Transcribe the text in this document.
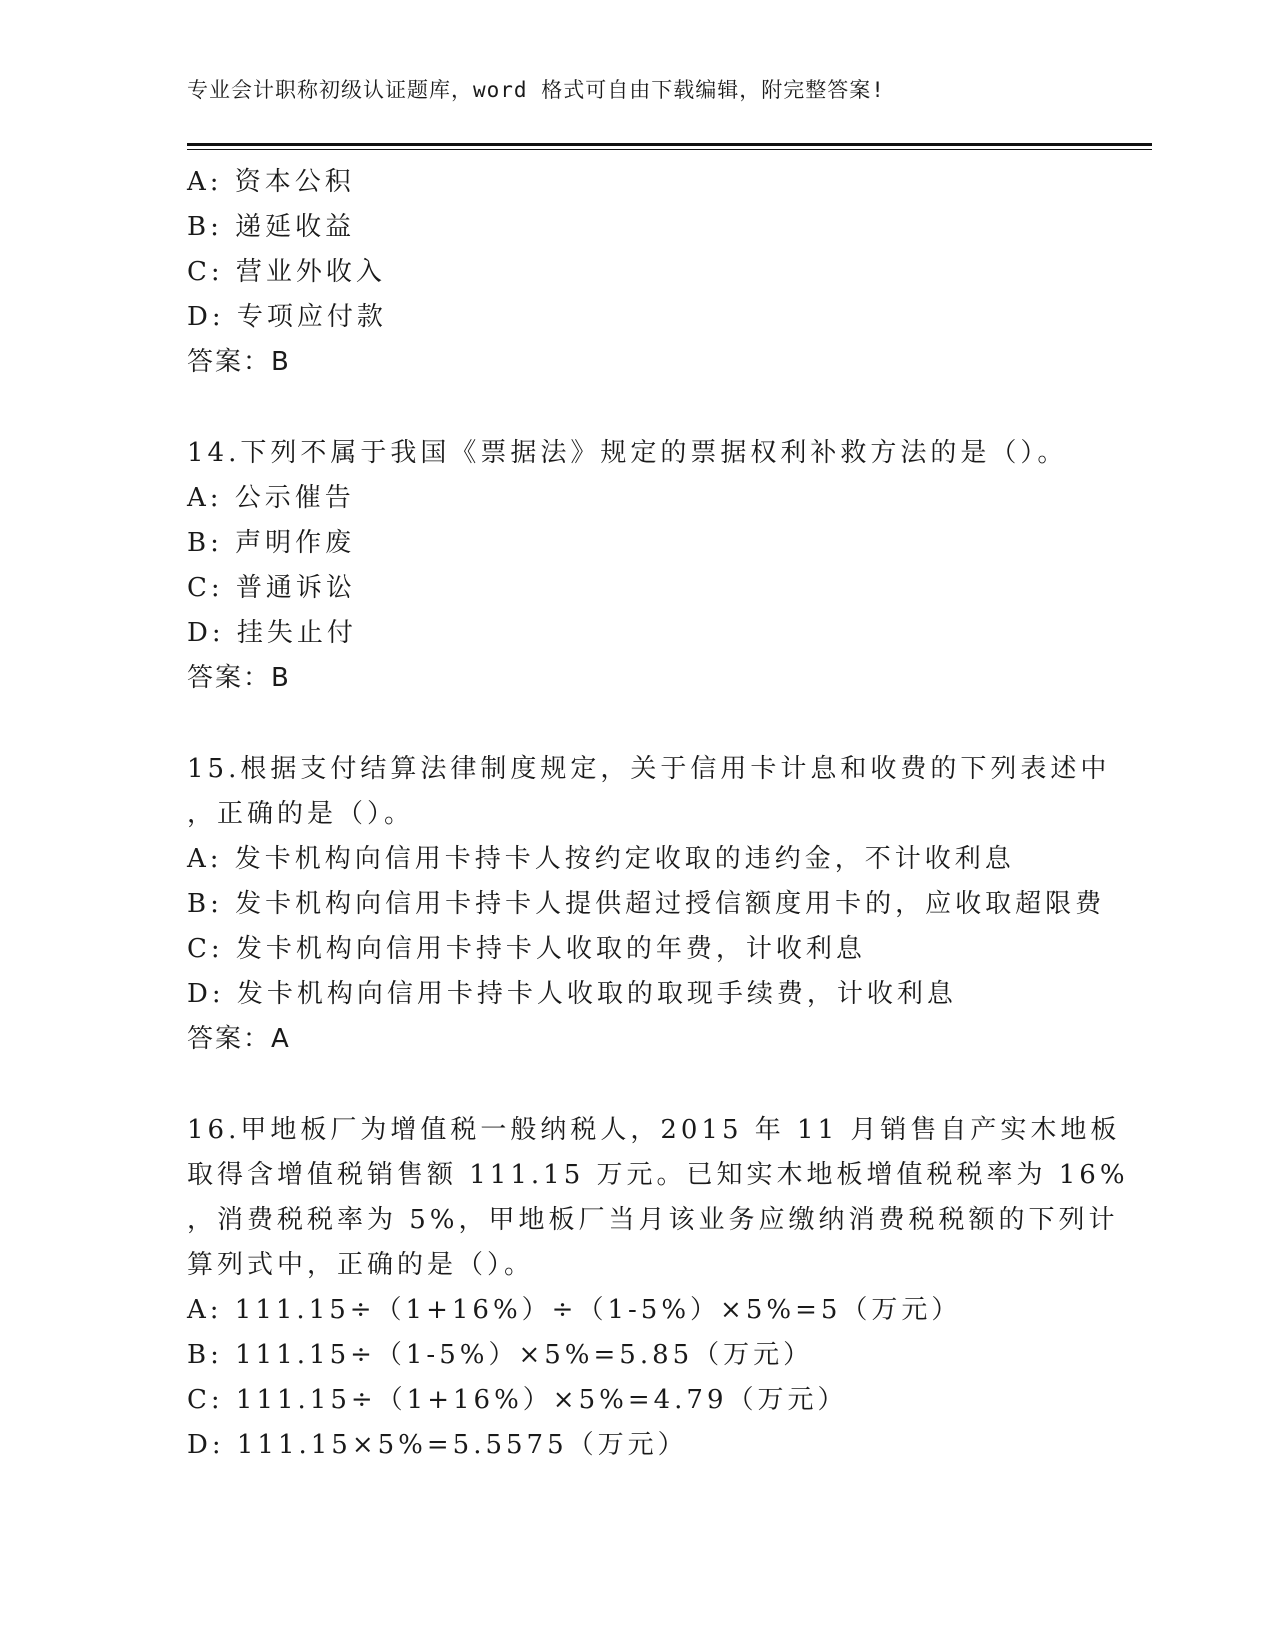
专业会计职称初级认证题库，word 格式可自由下载编辑，附完整答案!
A: 资本公积
B: 递延收益
C: 营业外收入
D: 专项应付款
答案：B
14.下列不属于我国《票据法》规定的票据权利补救方法的是（）。
A: 公示催告
B: 声明作废
C: 普通诉讼
D: 挂失止付
答案：B
15.根据支付结算法律制度规定，关于信用卡计息和收费的下列表述中
，正确的是（）。
A: 发卡机构向信用卡持卡人按约定收取的违约金，不计收利息
B: 发卡机构向信用卡持卡人提供超过授信额度用卡的，应收取超限费
C: 发卡机构向信用卡持卡人收取的年费，计收利息
D: 发卡机构向信用卡持卡人收取的取现手续费，计收利息
答案：A
16.甲地板厂为增值税一般纳税人，2015 年 11 月销售自产实木地板
取得含增值税销售额 111.15 万元。已知实木地板增值税税率为 16%
，消费税税率为 5%，甲地板厂当月该业务应缴纳消费税税额的下列计
算列式中，正确的是（）。
A: 111.15÷（1+16%）÷（1-5%）×5%=5（万元）
B: 111.15÷（1-5%）×5%=5.85（万元）
C: 111.15÷（1+16%）×5%=4.79（万元）
D: 111.15×5%=5.5575（万元）
